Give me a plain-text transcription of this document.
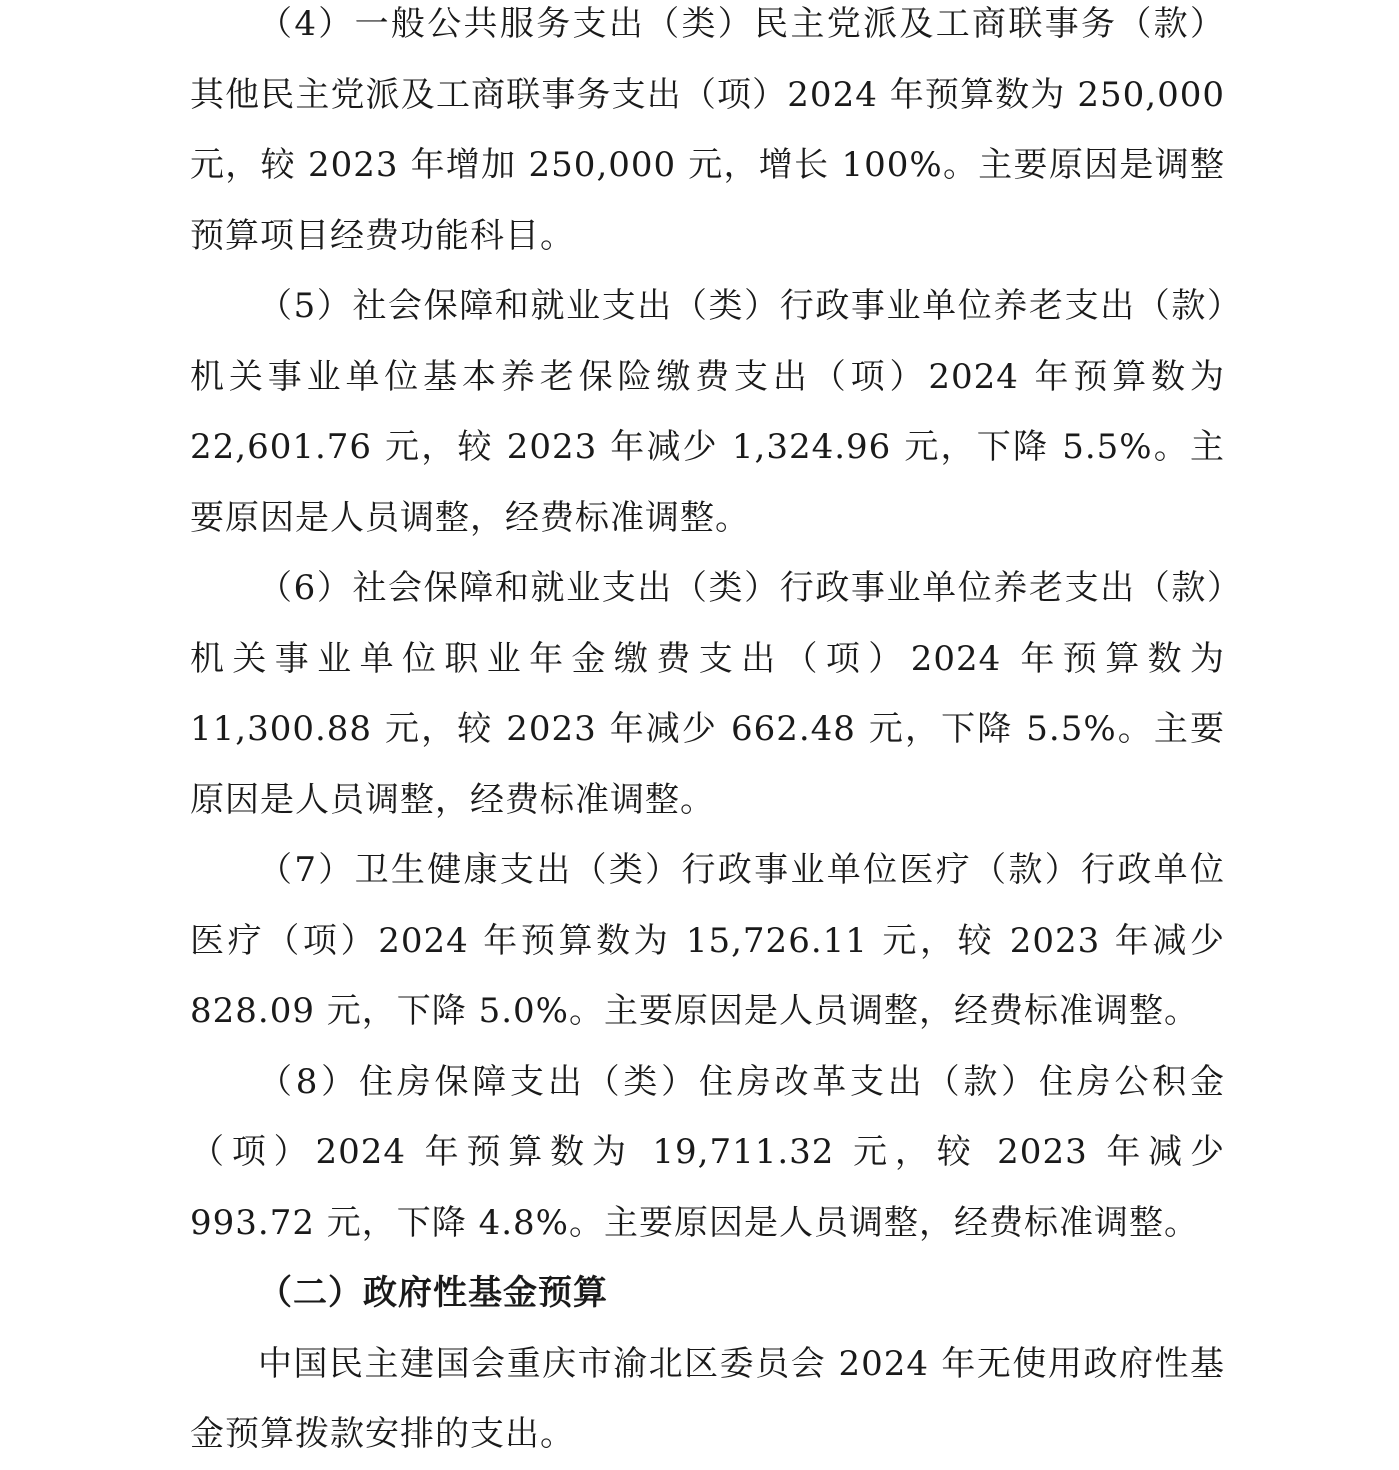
（4）一般公共服务支出（类）民主党派及工商联事务（款）其他民主党派及工商联事务支出（项）2024 年预算数为 250,000 元，较 2023 年增加 250,000 元，增长 100%。主要原因是调整预算项目经费功能科目。

（5）社会保障和就业支出（类）行政事业单位养老支出（款）机关事业单位基本养老保险缴费支出（项）2024 年预算数为 22,601.76 元，较 2023 年减少 1,324.96 元，下降 5.5%。主要原因是人员调整，经费标准调整。

（6）社会保障和就业支出（类）行政事业单位养老支出（款）机关事业单位职业年金缴费支出（项）2024 年预算数为 11,300.88 元，较 2023 年减少 662.48 元，下降 5.5%。主要原因是人员调整，经费标准调整。

（7）卫生健康支出（类）行政事业单位医疗（款）行政单位医疗（项）2024 年预算数为 15,726.11 元，较 2023 年减少 828.09 元，下降 5.0%。主要原因是人员调整，经费标准调整。

（8）住房保障支出（类）住房改革支出（款）住房公积金（项）2024 年预算数为 19,711.32 元，较 2023 年减少 993.72 元，下降 4.8%。主要原因是人员调整，经费标准调整。

（二）政府性基金预算

中国民主建国会重庆市渝北区委员会 2024 年无使用政府性基金预算拨款安排的支出。
